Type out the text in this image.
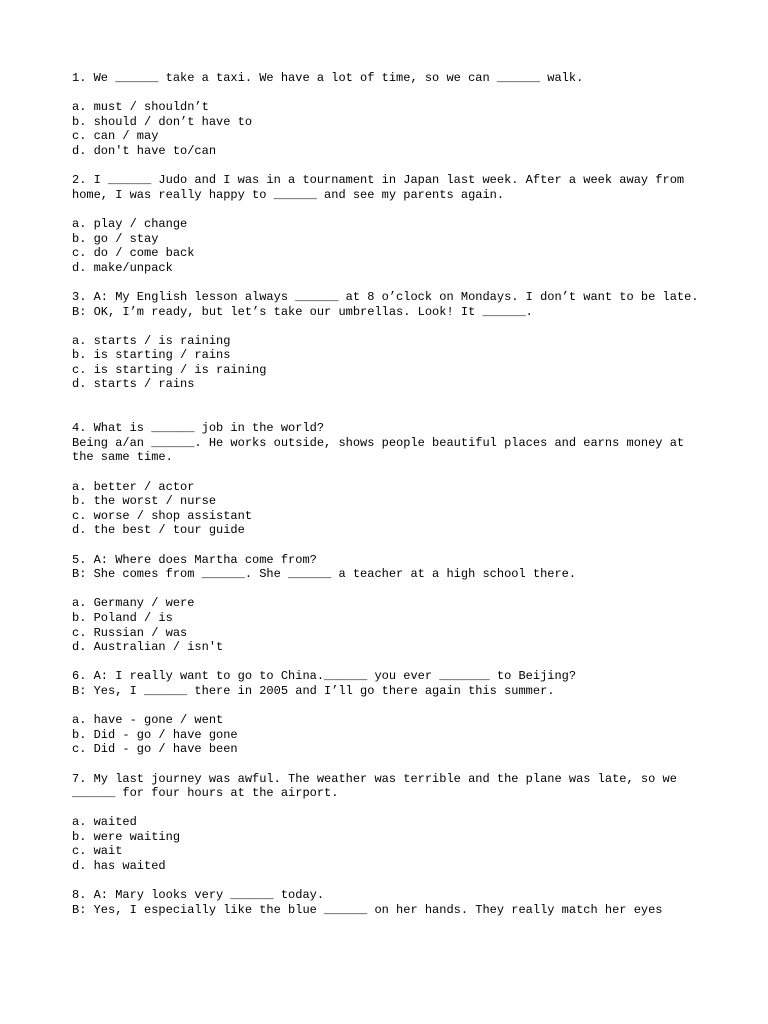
1. We ______ take a taxi. We have a lot of time, so we can ______ walk.
a. must / shouldn’t
b. should / don’t have to
c. can / may
d. don't have to/can
2. I ______ Judo and I was in a tournament in Japan last week. After a week away from home, I was really happy to ______ and see my parents again.
a. play / change
b. go / stay
c. do / come back
d. make/unpack
3. A: My English lesson always ______ at 8 o’clock on Mondays. I don’t want to be late.
B: OK, I’m ready, but let’s take our umbrellas. Look! It ______.
a. starts / is raining
b. is starting / rains
c. is starting / is raining
d. starts / rains
4. What is ______ job in the world?
Being a/an ______. He works outside, shows people beautiful places and earns money at the same time.
a. better / actor
b. the worst / nurse
c. worse / shop assistant
d. the best / tour guide
5. A: Where does Martha come from?
B: She comes from ______. She ______ a teacher at a high school there.
a. Germany / were
b. Poland / is
c. Russian / was
d. Australian / isn't
6. A: I really want to go to China.______ you ever _______ to Beijing?
B: Yes, I ______ there in 2005 and I’ll go there again this summer.
a. have - gone / went
b. Did - go / have gone
c. Did - go / have been
7. My last journey was awful. The weather was terrible and the plane was late, so we ______ for four hours at the airport.
a. waited
b. were waiting
c. wait
d. has waited
8. A: Mary looks very ______ today.
B: Yes, I especially like the blue ______ on her hands. They really match her eyes
